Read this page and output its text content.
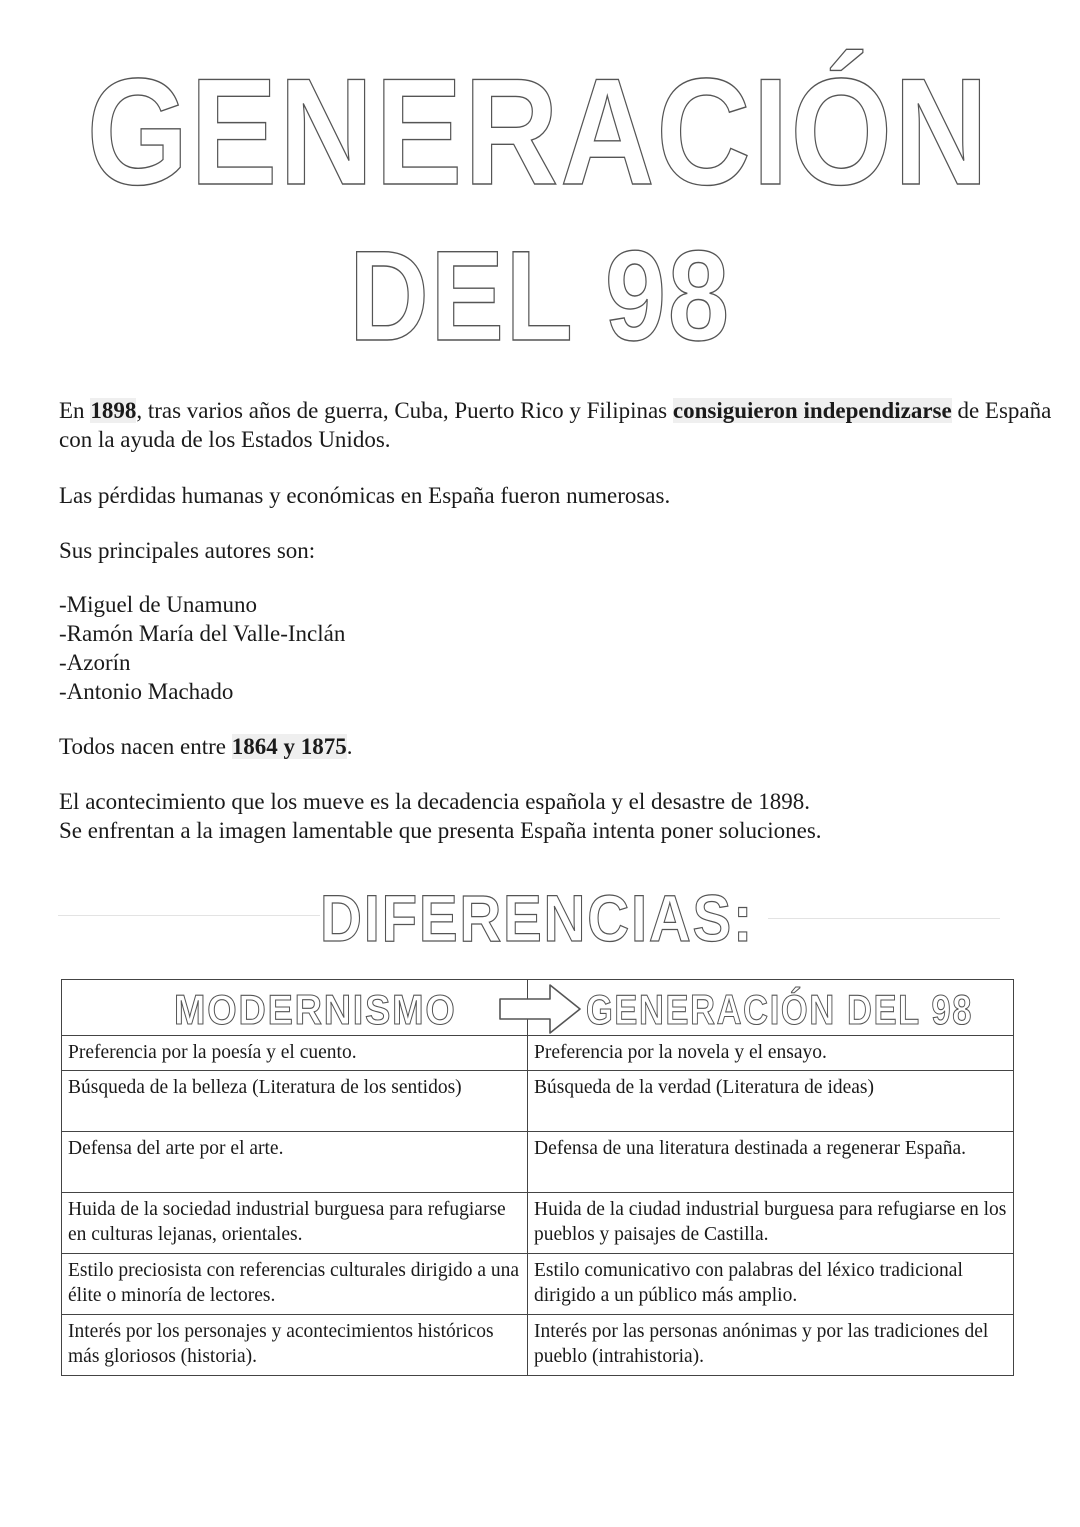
GENERACIÓN
DEL 98

En 1898, tras varios años de guerra, Cuba, Puerto Rico y Filipinas consiguieron independizarse de España con la ayuda de los Estados Unidos.

Las pérdidas humanas y económicas en España fueron numerosas.

Sus principales autores son:

-Miguel de Unamuno
-Ramón María del Valle-Inclán
-Azorín
-Antonio Machado

Todos nacen entre 1864 y 1875.

El acontecimiento que los mueve es la decadencia española y el desastre de 1898.
Se enfrentan a la imagen lamentable que presenta España intenta poner soluciones.
DIFERENCIAS:
MODERNISMO	GENERACIÓN DEL 98

Preferencia por la poesía y el cuento.	Preferencia por la novela y el ensayo.
Búsqueda de la belleza (Literatura de los sentidos)	Búsqueda de la verdad (Literatura de ideas)
Defensa del arte por el arte.	Defensa de una literatura destinada a regenerar España.
Huida de la sociedad industrial burguesa para refugiarse en culturas lejanas, orientales.	Huida de la ciudad industrial burguesa para refugiarse en los pueblos y paisajes de Castilla.
Estilo preciosista con referencias culturales dirigido a una élite o minoría de lectores.	Estilo comunicativo con palabras del léxico tradicional dirigido a un público más amplio.
Interés por los personajes y acontecimientos históricos más gloriosos (historia).	Interés por las personas anónimas y por las tradiciones del pueblo (intrahistoria).
